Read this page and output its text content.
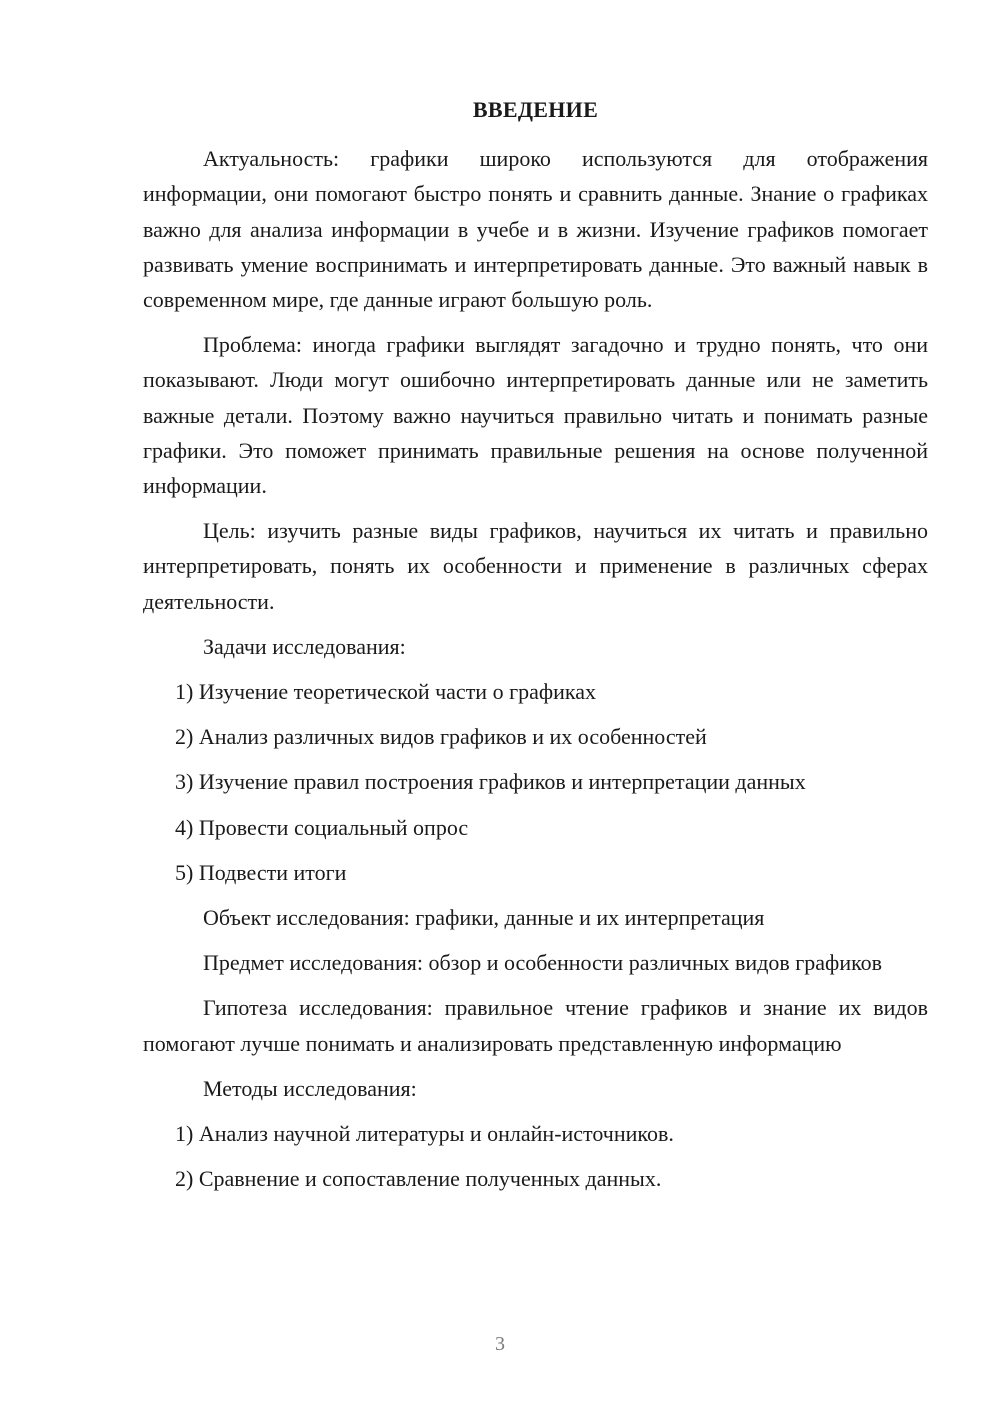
ВВЕДЕНИЕ

Актуальность: графики широко используются для отображения информации, они помогают быстро понять и сравнить данные. Знание о графиках важно для анализа информации в учебе и в жизни. Изучение графиков помогает развивать умение воспринимать и интерпретировать данные. Это важный навык в современном мире, где данные играют большую роль.

Проблема: иногда графики выглядят загадочно и трудно понять, что они показывают. Люди могут ошибочно интерпретировать данные или не заметить важные детали. Поэтому важно научиться правильно читать и понимать разные графики. Это поможет принимать правильные решения на основе полученной информации.

Цель: изучить разные виды графиков, научиться их читать и правильно интерпретировать, понять их особенности и применение в различных сферах деятельности.

Задачи исследования:

1) Изучение теоретической части о графиках
2) Анализ различных видов графиков и их особенностей
3) Изучение правил построения графиков и интерпретации данных
4) Провести социальный опрос
5) Подвести итоги

Объект исследования: графики, данные и их интерпретация

Предмет исследования: обзор и особенности различных видов графиков

Гипотеза исследования: правильное чтение графиков и знание их видов помогают лучше понимать и анализировать представленную информацию

Методы исследования:

1) Анализ научной литературы и онлайн-источников.
2) Сравнение и сопоставление полученных данных.
3
